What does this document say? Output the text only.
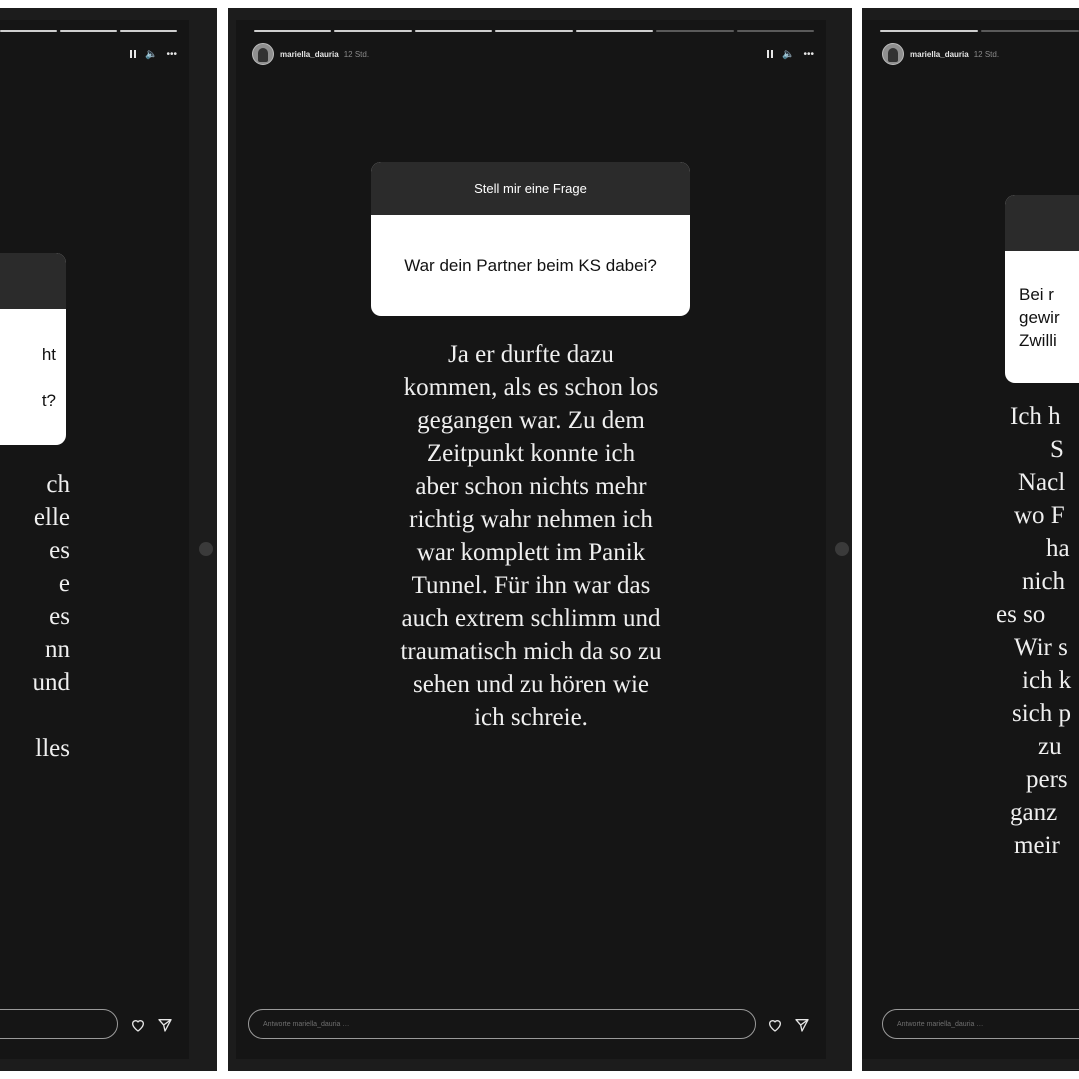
🔈 •••
ht
t?
ch
elle
es
e
es
nn
und
lles
mariella_dauria 12 Std.	🔈 •••
Stell mir eine Frage
War dein Partner beim KS dabei?
Ja er durfte dazu
kommen, als es schon los
gegangen war. Zu dem
Zeitpunkt konnte ich
aber schon nichts mehr
richtig wahr nehmen ich
war komplett im Panik
Tunnel. Für ihn war das
auch extrem schlimm und
traumatisch mich da so zu
sehen und zu hören wie
ich schreie.
Antworte mariella_dauria …
mariella_dauria 12 Std.
Bei r
gewir
Zwilli
Ich h
S
Nacl
wo F
ha
nich
es so
Wir s
ich k
sich p
zu
pers
ganz
meir
Antworte mariella_dauria …
